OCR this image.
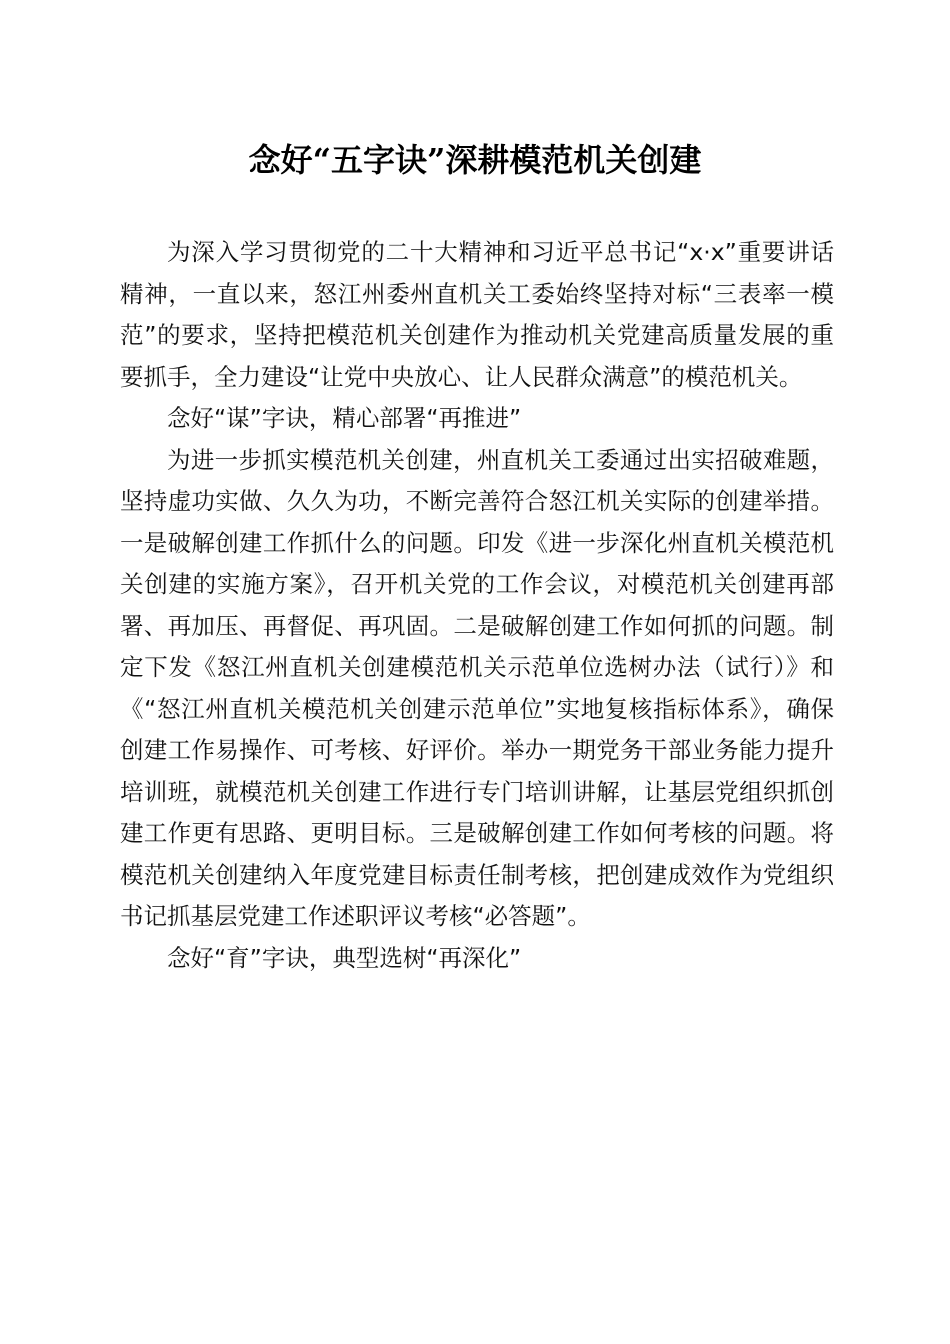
念好“五字诀”深耕模范机关创建

为深入学习贯彻党的二十大精神和习近平总书记“x·x”重要讲话精神，一直以来，怒江州委州直机关工委始终坚持对标“三表率一模范”的要求，坚持把模范机关创建作为推动机关党建高质量发展的重要抓手，全力建设“让党中央放心、让人民群众满意”的模范机关。

念好“谋”字诀，精心部署“再推进”

为进一步抓实模范机关创建，州直机关工委通过出实招破难题，坚持虚功实做、久久为功，不断完善符合怒江机关实际的创建举措。一是破解创建工作抓什么的问题。印发《进一步深化州直机关模范机关创建的实施方案》，召开机关党的工作会议，对模范机关创建再部署、再加压、再督促、再巩固。二是破解创建工作如何抓的问题。制定下发《怒江州直机关创建模范机关示范单位选树办法（试行）》和《“怒江州直机关模范机关创建示范单位”实地复核指标体系》，确保创建工作易操作、可考核、好评价。举办一期党务干部业务能力提升培训班，就模范机关创建工作进行专门培训讲解，让基层党组织抓创建工作更有思路、更明目标。三是破解创建工作如何考核的问题。将模范机关创建纳入年度党建目标责任制考核，把创建成效作为党组织书记抓基层党建工作述职评议考核“必答题”。

念好“育”字诀，典型选树“再深化”
